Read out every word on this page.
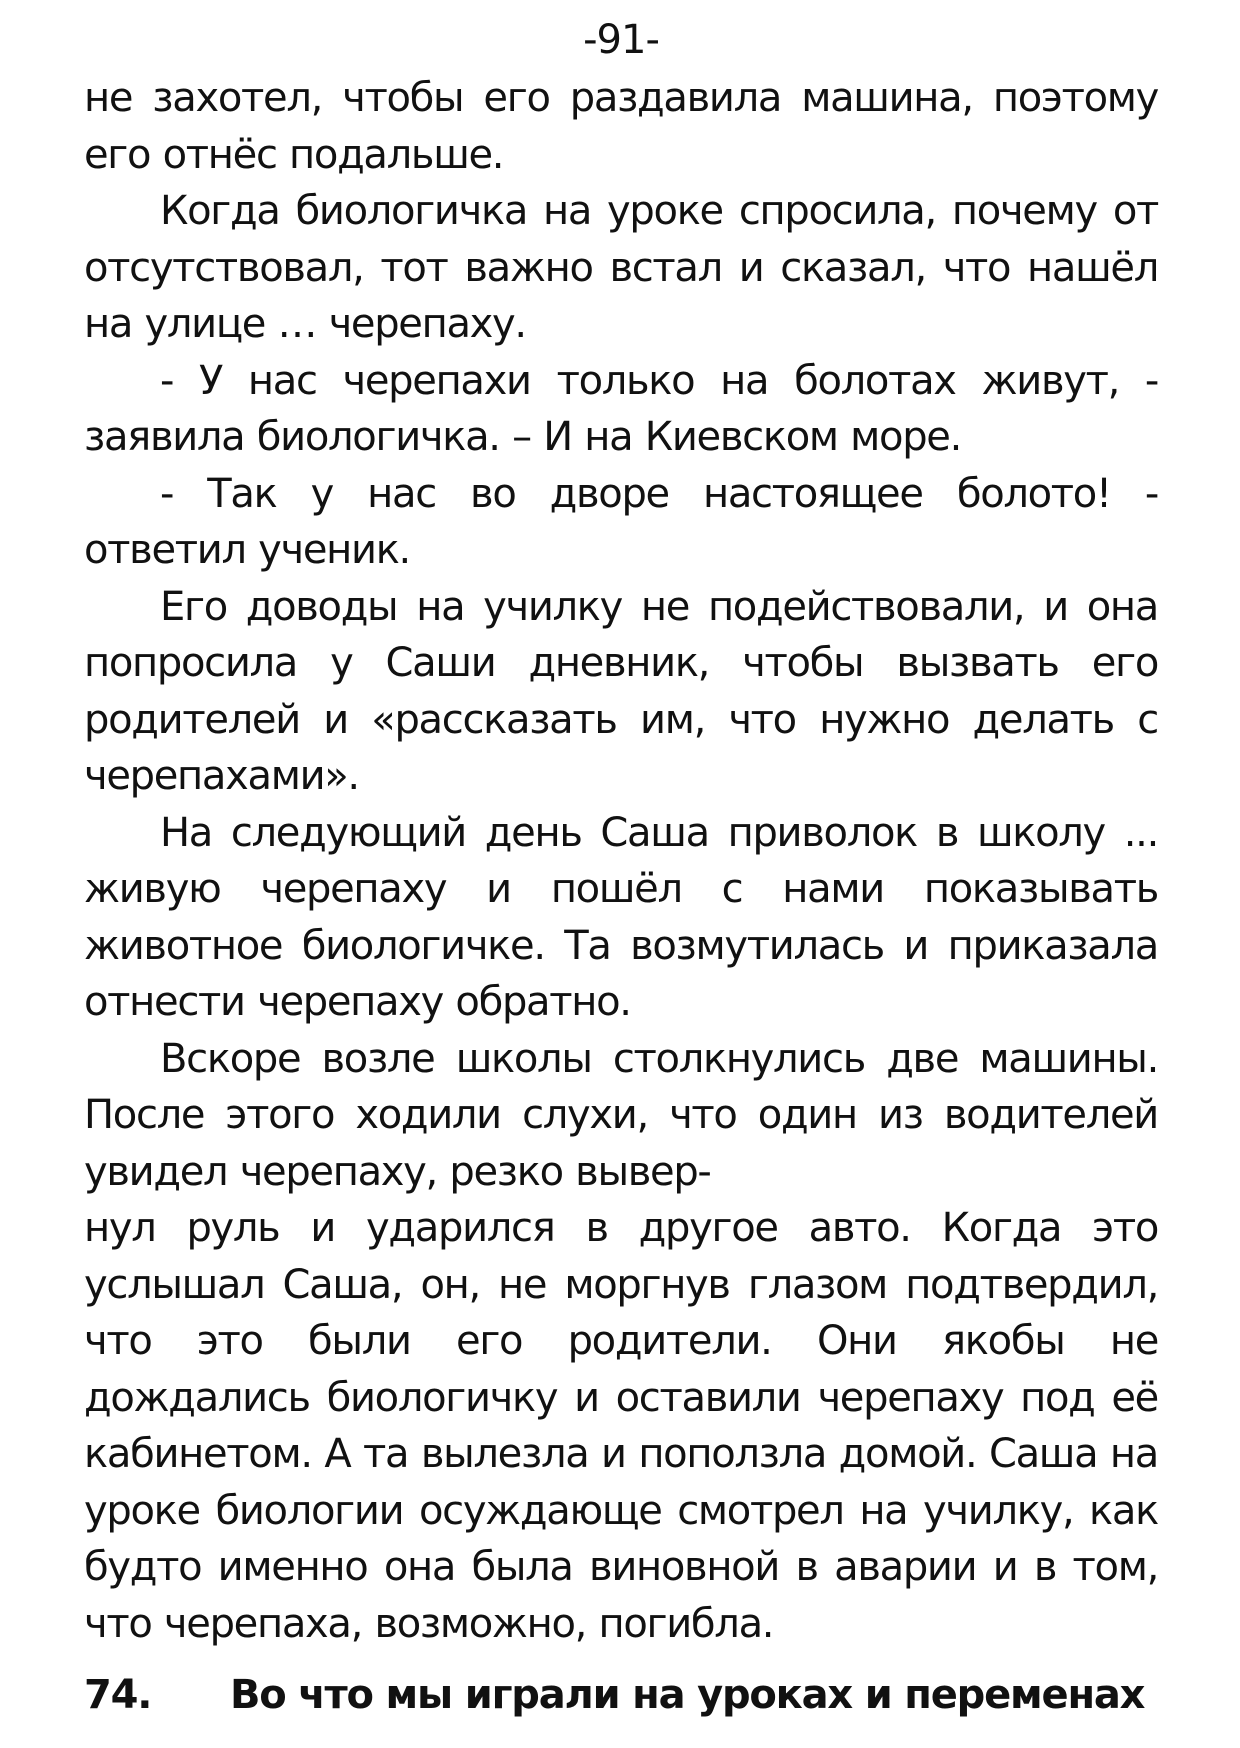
-91-

не захотел, чтобы его раздавила машина, поэтому его отнёс подальше.

Когда биологичка на уроке спросила, почему от отсутствовал, тот важно встал и сказал, что нашёл на улице … черепаху.

- У нас черепахи только на болотах живут, - заявила биологичка. – И на Киевском море.

- Так у нас во дворе настоящее болото! - ответил ученик.

Его доводы на училку не подействовали, и она попросила у Саши дневник, чтобы вызвать его родителей и «рассказать им, что нужно делать с черепахами».

На следующий день Саша приволок в школу ... живую черепаху и пошёл с нами показывать животное биологичке. Та возмутилась и приказала отнести черепаху обратно.

Вскоре возле школы столкнулись две машины. После этого ходили слухи, что один из водителей увидел черепаху, резко вывер-

нул руль и ударился в другое авто. Когда это услышал Саша, он, не моргнув глазом подтвердил, что это были его родители. Они якобы не дождались биологичку и оставили черепаху под её кабинетом. А та вылезла и поползла домой. Саша на уроке биологии осуждающе смотрел на училку, как будто именно она была виновной в аварии и в том, что черепаха, возможно, погибла.

74.	Во что мы играли на уроках и переменах
